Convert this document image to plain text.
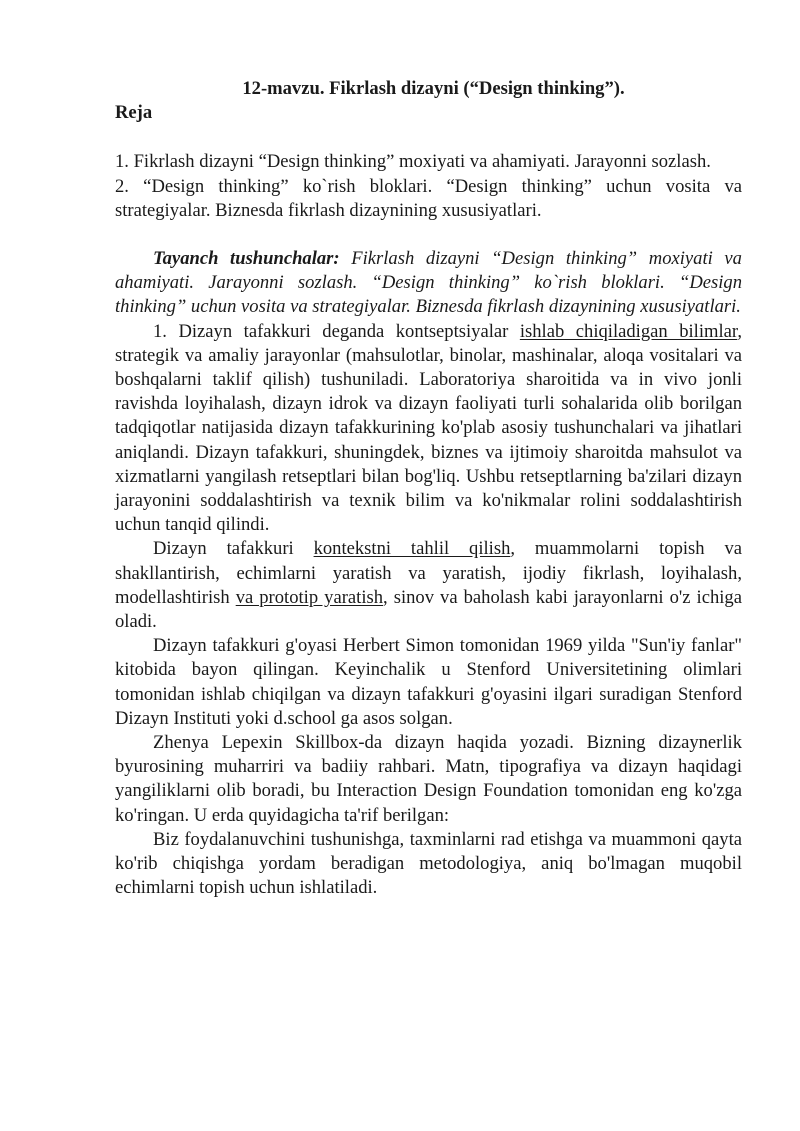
12-mavzu. Fikrlash dizayni (“Design thinking”).

Reja

1. Fikrlash dizayni “Design thinking” moxiyati va ahamiyati. Jarayonni sozlash.

2. “Design thinking” ko`rish bloklari. “Design thinking” uchun vosita va strategiyalar. Biznesda fikrlash dizaynining xususiyatlari.

Tayanch tushunchalar: Fikrlash dizayni “Design thinking” moxiyati va ahamiyati. Jarayonni sozlash. “Design thinking” ko`rish bloklari. “Design thinking” uchun vosita va strategiyalar. Biznesda fikrlash dizaynining xususiyatlari.

1. Dizayn tafakkuri deganda kontseptsiyalar ishlab chiqiladigan bilimlar, strategik va amaliy jarayonlar (mahsulotlar, binolar, mashinalar, aloqa vositalari va boshqalarni taklif qilish) tushuniladi. Laboratoriya sharoitida va in vivo jonli ravishda loyihalash, dizayn idrok va dizayn faoliyati turli sohalarida olib borilgan tadqiqotlar natijasida dizayn tafakkurining ko'plab asosiy tushunchalari va jihatlari aniqlandi. Dizayn tafakkuri, shuningdek, biznes va ijtimoiy sharoitda mahsulot va xizmatlarni yangilash retseptlari bilan bog'liq. Ushbu retseptlarning ba'zilari dizayn jarayonini soddalashtirish va texnik bilim va ko'nikmalar rolini soddalashtirish uchun tanqid qilindi.

Dizayn tafakkuri kontekstni tahlil qilish, muammolarni topish va shakllantirish, echimlarni yaratish va yaratish, ijodiy fikrlash, loyihalash, modellashtirish va prototip yaratish, sinov va baholash kabi jarayonlarni o'z ichiga oladi.

Dizayn tafakkuri g'oyasi Herbert Simon tomonidan 1969 yilda "Sun'iy fanlar" kitobida bayon qilingan. Keyinchalik u Stenford Universitetining olimlari tomonidan ishlab chiqilgan va dizayn tafakkuri g'oyasini ilgari suradigan Stenford Dizayn Instituti yoki d.school ga asos solgan.

Zhenya Lepexin Skillbox-da dizayn haqida yozadi. Bizning dizaynerlik byurosining muharriri va badiiy rahbari. Matn, tipografiya va dizayn haqidagi yangiliklarni olib boradi, bu Interaction Design Foundation tomonidan eng ko'zga ko'ringan. U erda quyidagicha ta'rif berilgan:

Biz foydalanuvchini tushunishga, taxminlarni rad etishga va muammoni qayta ko'rib chiqishga yordam beradigan metodologiya, aniq bo'lmagan muqobil echimlarni topish uchun ishlatiladi.
